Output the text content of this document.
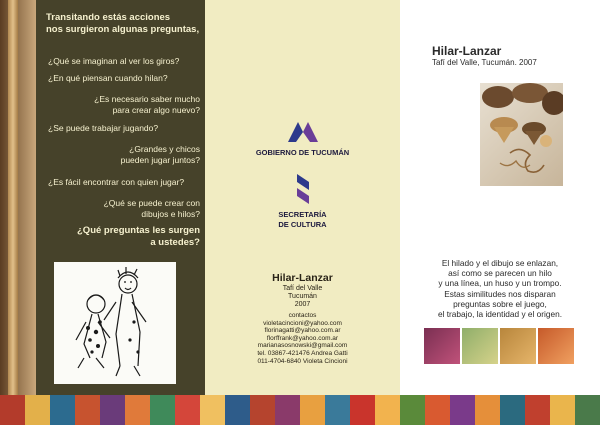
Transitando estás acciones
nos surgieron algunas preguntas,
¿Qué se imaginan al ver los giros?
¿En qué piensan cuando hilan?
¿Es necesario saber mucho
para crear algo nuevo?
¿Se puede trabajar jugando?
¿Grandes y chicos
pueden jugar juntos?
¿Es fácil encontrar con quien jugar?
¿Qué se puede crear con
dibujos e hilos?
¿Qué preguntas les surgen
a ustedes?
GOBIERNO DE TUCUMÁN
SECRETARÍA
DE CULTURA
Hilar-Lanzar
Tafí del Valle
Tucumán
2007
contactos
violetacincioni@yahoo.com
florinagatti@yahoo.com.ar
florffrank@yahoo.com.ar
marianasosnowski@gmail.com
tel. 03867-421476 Andrea Gatti
011-4704-6840 Violeta Cincioni
Hilar-Lanzar
Tafí del Valle, Tucumán. 2007
El hilado y el dibujo se enlazan,
así como se parecen un hilo
y una línea, un huso y un trompo.
Estas similitudes nos disparan
preguntas sobre el juego,
el trabajo, la identidad y el origen.
